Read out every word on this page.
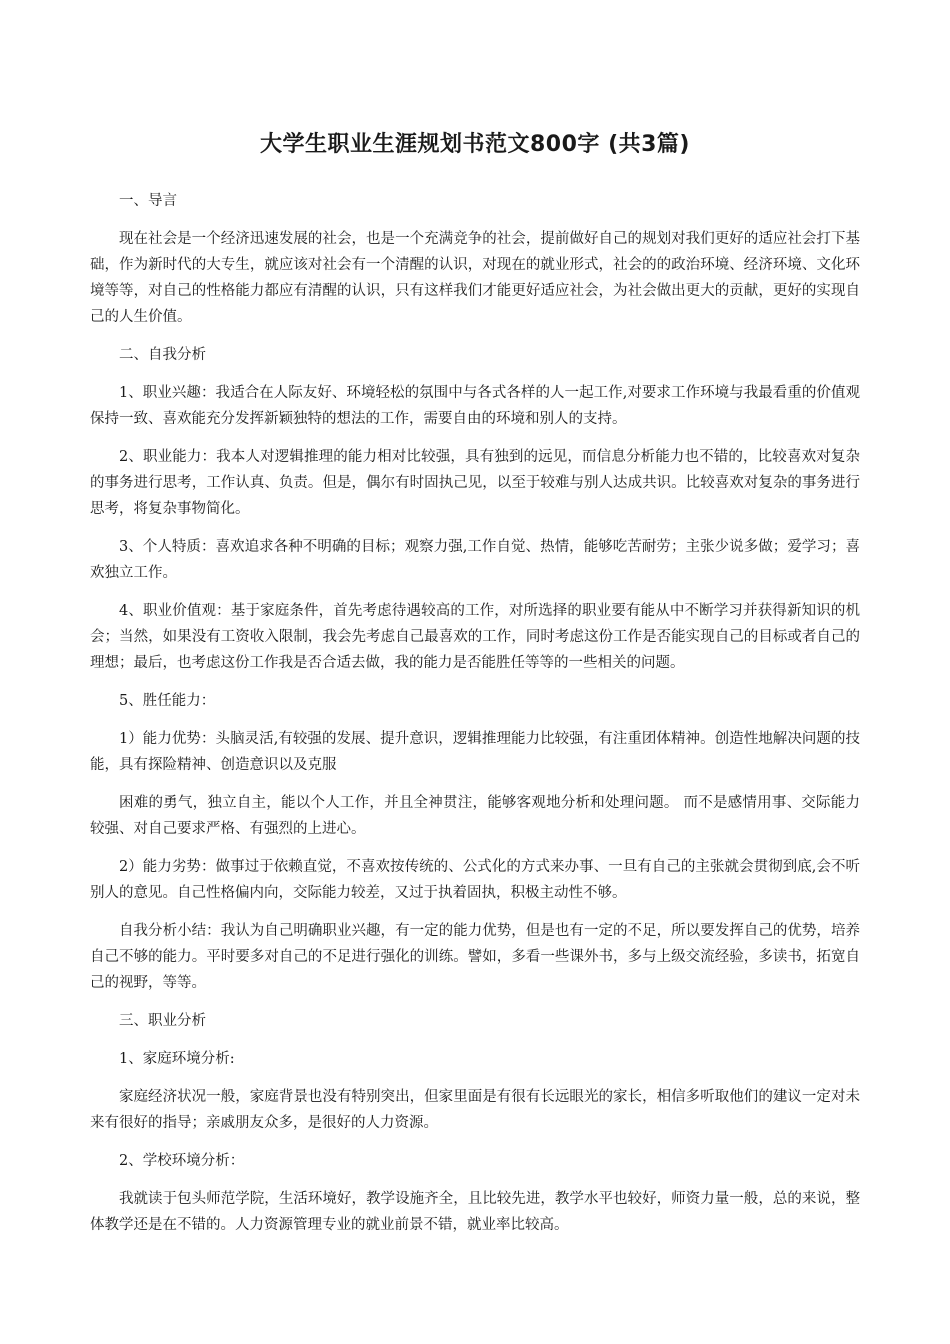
大学生职业生涯规划书范文800字 (共3篇)

一、导言

现在社会是一个经济迅速发展的社会，也是一个充满竞争的社会，提前做好自己的规划对我们更好的适应社会打下基础，作为新时代的大专生，就应该对社会有一个清醒的认识，对现在的就业形式，社会的的政治环境、经济环境、文化环境等等，对自己的性格能力都应有清醒的认识，只有这样我们才能更好适应社会，为社会做出更大的贡献，更好的实现自己的人生价值。

二、自我分析

1、职业兴趣：我适合在人际友好、环境轻松的氛围中与各式各样的人一起工作,对要求工作环境与我最看重的价值观保持一致、喜欢能充分发挥新颖独特的想法的工作，需要自由的环境和别人的支持。

2、职业能力：我本人对逻辑推理的能力相对比较强，具有独到的远见，而信息分析能力也不错的，比较喜欢对复杂的事务进行思考，工作认真、负责。但是，偶尔有时固执己见，以至于较难与别人达成共识。比较喜欢对复杂的事务进行思考，将复杂事物简化。

3、个人特质：喜欢追求各种不明确的目标；观察力强,工作自觉、热情，能够吃苦耐劳；主张少说多做；爱学习；喜欢独立工作。

4、职业价值观：基于家庭条件，首先考虑待遇较高的工作，对所选择的职业要有能从中不断学习并获得新知识的机会；当然，如果没有工资收入限制，我会先考虑自己最喜欢的工作，同时考虑这份工作是否能实现自己的目标或者自己的理想；最后，也考虑这份工作我是否合适去做，我的能力是否能胜任等等的一些相关的问题。

5、胜任能力：

1）能力优势：头脑灵活,有较强的发展、提升意识，逻辑推理能力比较强，有注重团体精神。创造性地解决问题的技能，具有探险精神、创造意识以及克服

困难的勇气，独立自主，能以个人工作，并且全神贯注，能够客观地分析和处理问题。 而不是感情用事、交际能力较强、对自己要求严格、有强烈的上进心。

2）能力劣势：做事过于依赖直觉，不喜欢按传统的、公式化的方式来办事、一旦有自己的主张就会贯彻到底,会不听别人的意见。自己性格偏内向，交际能力较差，又过于执着固执，积极主动性不够。

自我分析小结：我认为自己明确职业兴趣，有一定的能力优势，但是也有一定的不足，所以要发挥自己的优势，培养自己不够的能力。平时要多对自己的不足进行强化的训练。譬如，多看一些课外书，多与上级交流经验，多读书，拓宽自己的视野，等等。

三、职业分析

1、家庭环境分析:

家庭经济状况一般，家庭背景也没有特别突出，但家里面是有很有长远眼光的家长，相信多听取他们的建议一定对未来有很好的指导；亲戚朋友众多，是很好的人力资源。

2、学校环境分析：

我就读于包头师范学院，生活环境好，教学设施齐全，且比较先进，教学水平也较好，师资力量一般，总的来说，整体教学还是在不错的。人力资源管理专业的就业前景不错，就业率比较高。
